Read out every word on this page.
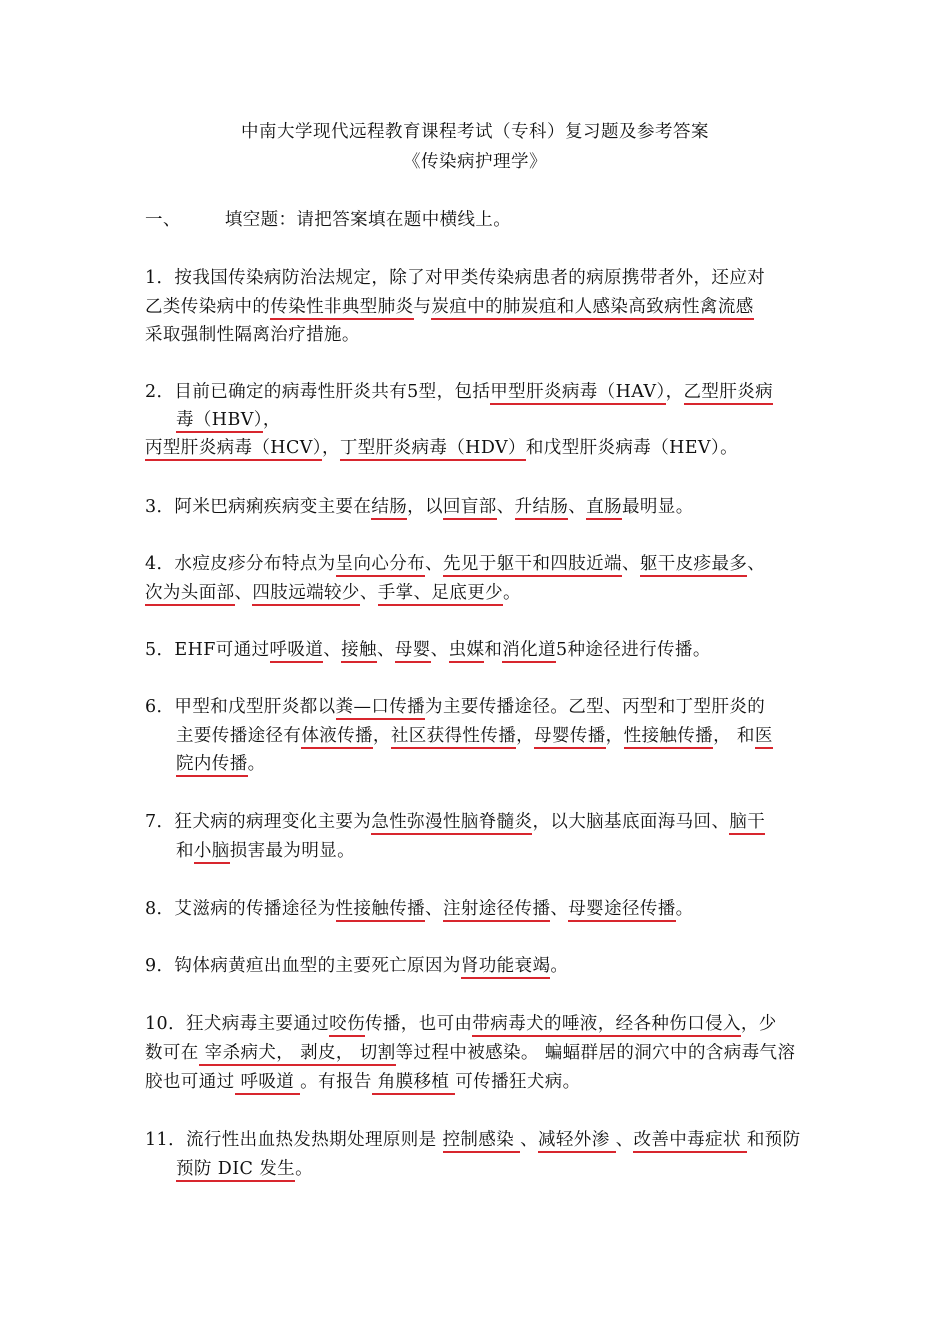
中南大学现代远程教育课程考试（专科）复习题及参考答案
《传染病护理学》
一、	填空题：请把答案填在题中横线上。
1．按我国传染病防治法规定，除了对甲类传染病患者的病原携带者外，还应对
乙类传染病中的传染性非典型肺炎与炭疽中的肺炭疽和人感染高致病性禽流感
采取强制性隔离治疗措施。
2．目前已确定的病毒性肝炎共有5型，包括甲型肝炎病毒（HAV），乙型肝炎病
毒（HBV），
丙型肝炎病毒（HCV），丁型肝炎病毒（HDV）和戊型肝炎病毒（HEV）。
3．阿米巴病痢疾病变主要在结肠，以回盲部、升结肠、直肠最明显。
4．水痘皮疹分布特点为呈向心分布、先见于躯干和四肢近端、躯干皮疹最多、
次为头面部、四肢远端较少、手掌、足底更少。
5．EHF可通过呼吸道、接触、母婴、虫媒和消化道5种途径进行传播。
6．甲型和戊型肝炎都以粪—口传播为主要传播途径。乙型、丙型和丁型肝炎的
主要传播途径有体液传播，社区获得性传播，母婴传播，性接触传播， 和医
院内传播。
7．狂犬病的病理变化主要为急性弥漫性脑脊髓炎，以大脑基底面海马回、脑干
和小脑损害最为明显。
8．艾滋病的传播途径为性接触传播、注射途径传播、母婴途径传播。
9．钩体病黄疸出血型的主要死亡原因为肾功能衰竭。
10．狂犬病毒主要通过咬伤传播，也可由带病毒犬的唾液，经各种伤口侵入，少
数可在 宰杀病犬， 剥皮， 切割等过程中被感染。 蝙蝠群居的洞穴中的含病毒气溶
胶也可通过 呼吸道 。有报告 角膜移植 可传播狂犬病。
11．流行性出血热发热期处理原则是 控制感染 、减轻外渗 、改善中毒症状 和预防
预防 DIC 发生。
